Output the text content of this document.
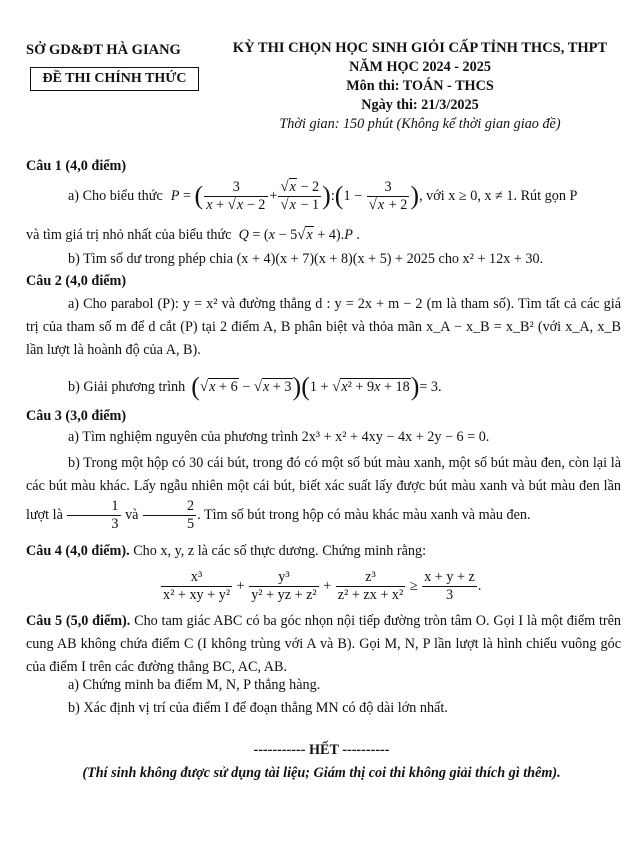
SỞ GD&ĐT HÀ GIANG
ĐỀ THI CHÍNH THỨC
KỲ THI CHỌN HỌC SINH GIỎI CẤP TỈNH THCS, THPT
NĂM HỌC 2024 - 2025
Môn thi: TOÁN - THCS
Ngày thi: 21/3/2025
Thời gian: 150 phút (Không kể thời gian giao đề)
Câu 1 (4,0 điểm)
a) Cho biểu thức P = ( $\frac{3}{x + √x - 2} + \frac{√x - 2}{√x - 1}$ ) : ( $1 - \frac{3}{√x + 2}$ ) , với x ≥ 0, x ≠ 1. Rút gọn P
và tìm giá trị nhỏ nhất của biểu thức  Q = (x − 5√x + 4).P .
b) Tìm số dư trong phép chia (x + 4)(x + 7)(x + 8)(x + 5) + 2025 cho x² + 12x + 30.
Câu 2 (4,0 điểm)
a) Cho parabol (P): y = x² và đường thẳng d : y = 2x + m − 2 (m là tham số). Tìm tất cả các giá trị của tham số m để d cắt (P) tại 2 điểm A, B phân biệt và thỏa mãn x_A − x_B = x_B² (với x_A, x_B lần lượt là hoành độ của A, B).
b) Giải phương trình ( √ x + 6 − √ x + 3 ) ( 1 + √ x² + 9x + 18 ) = 3.
Câu 3 (3,0 điểm)
a) Tìm nghiệm nguyên của phương trình 2x³ + x² + 4xy − 4x + 2y − 6 = 0.
b) Trong một hộp có 30 cái bút, trong đó có một số bút màu xanh, một số bút màu đen, còn lại là các bút màu khác. Lấy ngẫu nhiên một cái bút, biết xác suất lấy được bút màu xanh và bút màu đen lần lượt là $\frac{1}{3}$ và $\frac{2}{5}$ . Tìm số bút trong hộp có màu khác màu xanh và màu đen.
Câu 4 (4,0 điểm). Cho x, y, z là các số thực dương. Chứng minh rằng:
$\frac{\text{x³}}{\text{x² + xy + y²}} + \frac{\text{y³}}{\text{y² + yz + z²}} + \frac{\text{z³}}{\text{z² + zx + x²}} \ge \frac{x + y + z}{3}$ .
Câu 5 (5,0 điểm). Cho tam giác ABC có ba góc nhọn nội tiếp đường tròn tâm O. Gọi I là một điểm trên cung AB không chứa điểm C (I không trùng với A và B). Gọi M, N, P lần lượt là hình chiếu vuông góc của điểm I trên các đường thẳng BC, AC, AB.
a) Chứng minh ba điểm M, N, P thẳng hàng.
b) Xác định vị trí của điểm I để đoạn thẳng MN có độ dài lớn nhất.
----------- HẾT ----------
(Thí sinh không được sử dụng tài liệu; Giám thị coi thi không giải thích gì thêm).
